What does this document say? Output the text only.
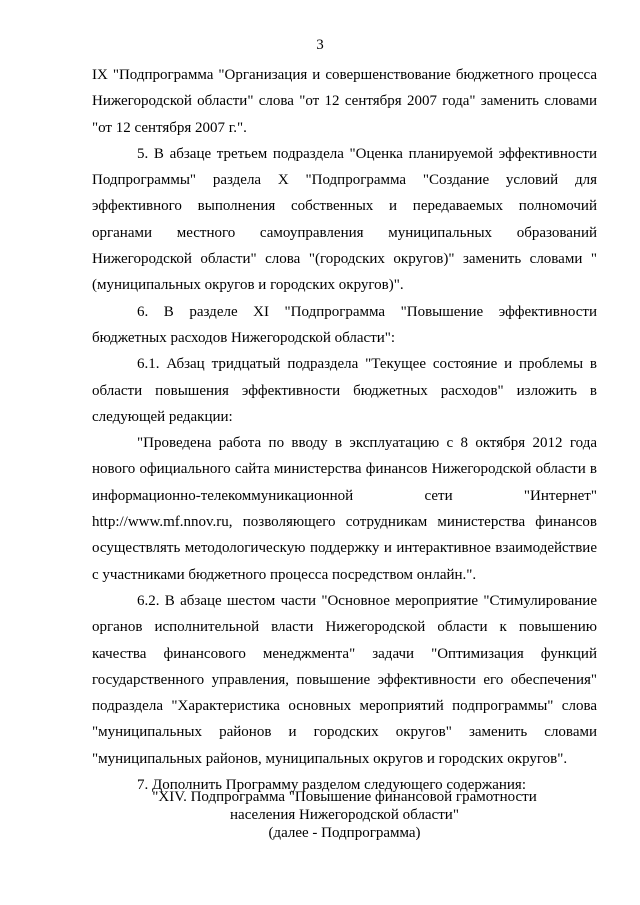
3

IX "Подпрограмма "Организация и совершенствование бюджетного процесса Нижегородской области" слова "от 12 сентября 2007 года" заменить словами "от 12 сентября 2007 г.".

5. В абзаце третьем подраздела "Оценка планируемой эффективности Подпрограммы" раздела X "Подпрограмма "Создание условий для эффективного выполнения собственных и передаваемых полномочий органами местного самоуправления муниципальных образований Нижегородской области" слова "(городских округов)" заменить словами "(муниципальных округов и городских округов)".

6. В разделе XI "Подпрограмма "Повышение эффективности бюджетных расходов Нижегородской области":

6.1. Абзац тридцатый подраздела "Текущее состояние и проблемы в области повышения эффективности бюджетных расходов" изложить в следующей редакции:

"Проведена работа по вводу в эксплуатацию с 8 октября 2012 года нового официального сайта министерства финансов Нижегородской области в информационно-телекоммуникационной сети "Интернет" http://www.mf.nnov.ru, позволяющего сотрудникам министерства финансов осуществлять методологическую поддержку и интерактивное взаимодействие с участниками бюджетного процесса посредством онлайн.".

6.2. В абзаце шестом части "Основное мероприятие "Стимулирование органов исполнительной власти Нижегородской области к повышению качества финансового менеджмента" задачи "Оптимизация функций государственного управления, повышение эффективности его обеспечения" подраздела "Характеристика основных мероприятий подпрограммы" слова "муниципальных районов и городских округов" заменить словами "муниципальных районов, муниципальных округов и городских округов".

7. Дополнить Программу разделом следующего содержания:

"XIV. Подпрограмма "Повышение финансовой грамотности
населения Нижегородской области"
(далее - Подпрограмма)
